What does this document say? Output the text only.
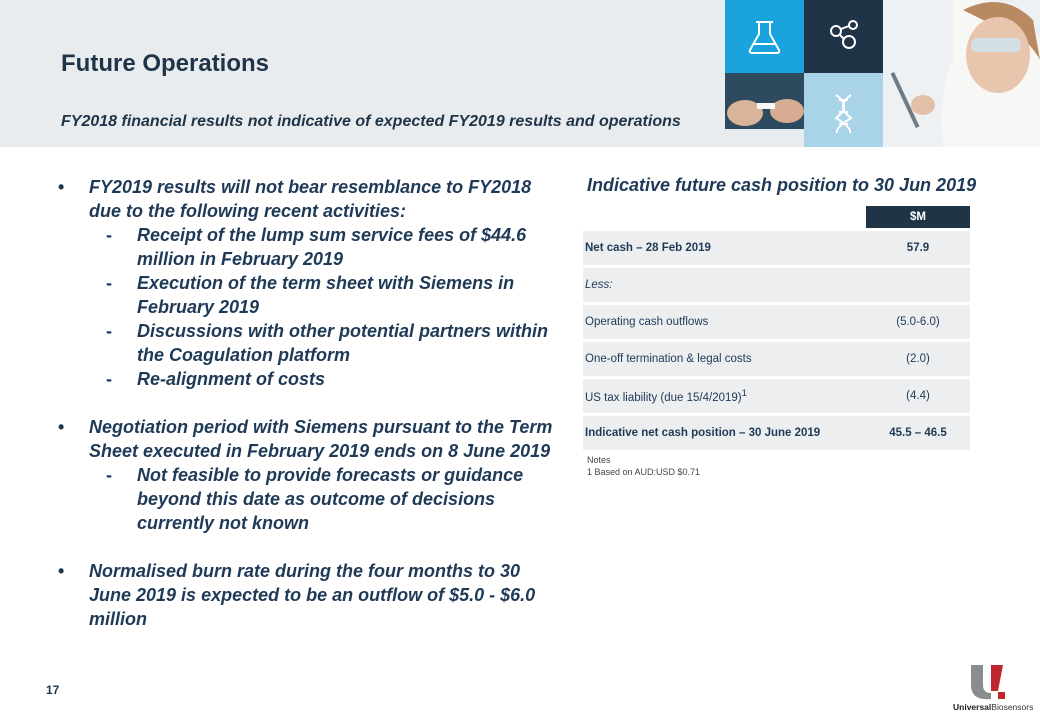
Future Operations
FY2018 financial results not indicative of expected FY2019 results and operations
• FY2019 results will not bear resemblance to FY2018 due to the following recent activities:
- Receipt of the lump sum service fees of $44.6 million in February 2019
- Execution of the term sheet with Siemens in February 2019
- Discussions with other potential partners within the Coagulation platform
- Re-alignment of costs
• Negotiation period with Siemens pursuant to the Term Sheet executed in February 2019 ends on 8 June 2019
- Not feasible to provide forecasts or guidance beyond this date as outcome of decisions currently not known
• Normalised burn rate during the four months to 30 June 2019 is expected to be an outflow of $5.0 - $6.0 million
Indicative future cash position to 30 Jun 2019
	$M
Net cash – 28 Feb 2019	57.9
Less:	
Operating cash outflows	(5.0-6.0)
One-off termination & legal costs	(2.0)
US tax liability (due 15/4/2019)$^1$	(4.4)
Indicative net cash position – 30 June 2019	45.5 – 46.5
Notes
1 Based on AUD:USD $0.71
17
UniversalBiosensors
